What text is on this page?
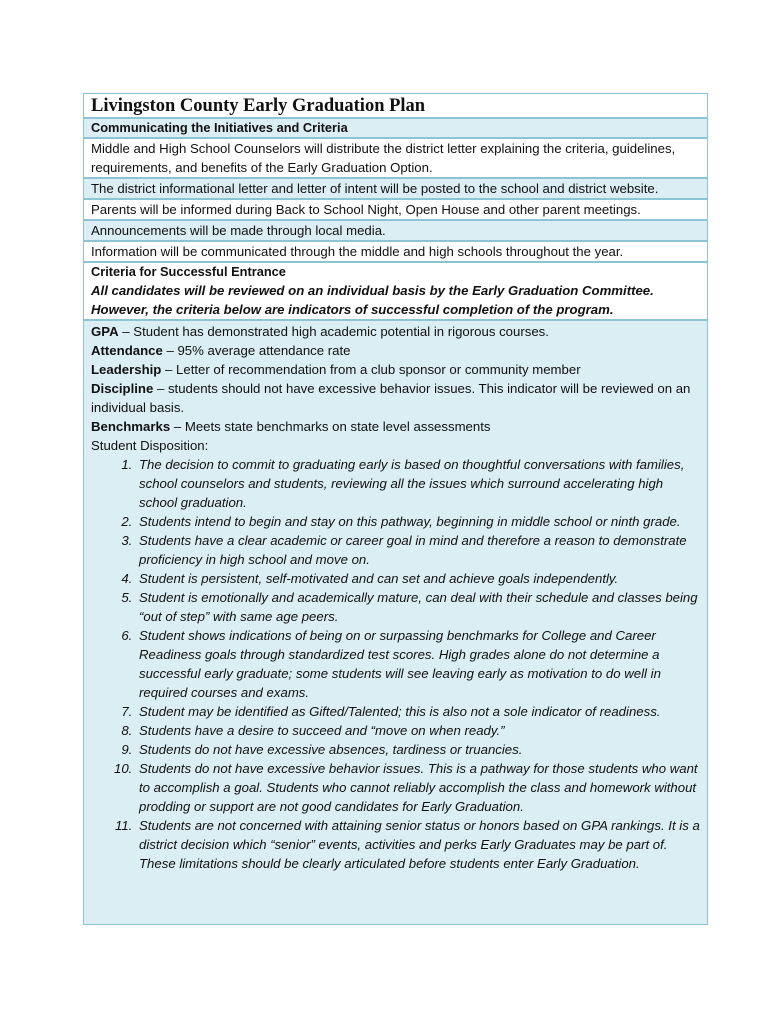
Livingston County Early Graduation Plan
Communicating the Initiatives and Criteria
Middle and High School Counselors will distribute the district letter explaining the criteria, guidelines, requirements, and benefits of the Early Graduation Option.
The district informational letter and letter of intent will be posted to the school and district website.
Parents will be informed during Back to School Night, Open House and other parent meetings.
Announcements will be made through local media.
Information will be communicated through the middle and high schools throughout the year.
Criteria for Successful Entrance
All candidates will be reviewed on an individual basis by the Early Graduation Committee.
However, the criteria below are indicators of successful completion of the program.

GPA – Student has demonstrated high academic potential in rigorous courses.

Attendance – 95% average attendance rate

Leadership – Letter of recommendation from a club sponsor or community member

Discipline – students should not have excessive behavior issues. This indicator will be reviewed on an individual basis.

Benchmarks – Meets state benchmarks on state level assessments

Student Disposition:

1. The decision to commit to graduating early is based on thoughtful conversations with families, school counselors and students, reviewing all the issues which surround accelerating high school graduation.
2. Students intend to begin and stay on this pathway, beginning in middle school or ninth grade.
3. Students have a clear academic or career goal in mind and therefore a reason to demonstrate proficiency in high school and move on.
4. Student is persistent, self-motivated and can set and achieve goals independently.
5. Student is emotionally and academically mature, can deal with their schedule and classes being “out of step” with same age peers.
6. Student shows indications of being on or surpassing benchmarks for College and Career Readiness goals through standardized test scores. High grades alone do not determine a successful early graduate; some students will see leaving early as motivation to do well in required courses and exams.
7. Student may be identified as Gifted/Talented; this is also not a sole indicator of readiness.
8. Students have a desire to succeed and “move on when ready.”
9. Students do not have excessive absences, tardiness or truancies.
10. Students do not have excessive behavior issues. This is a pathway for those students who want to accomplish a goal. Students who cannot reliably accomplish the class and homework without prodding or support are not good candidates for Early Graduation.
11. Students are not concerned with attaining senior status or honors based on GPA rankings. It is a district decision which “senior” events, activities and perks Early Graduates may be part of. These limitations should be clearly articulated before students enter Early Graduation.
